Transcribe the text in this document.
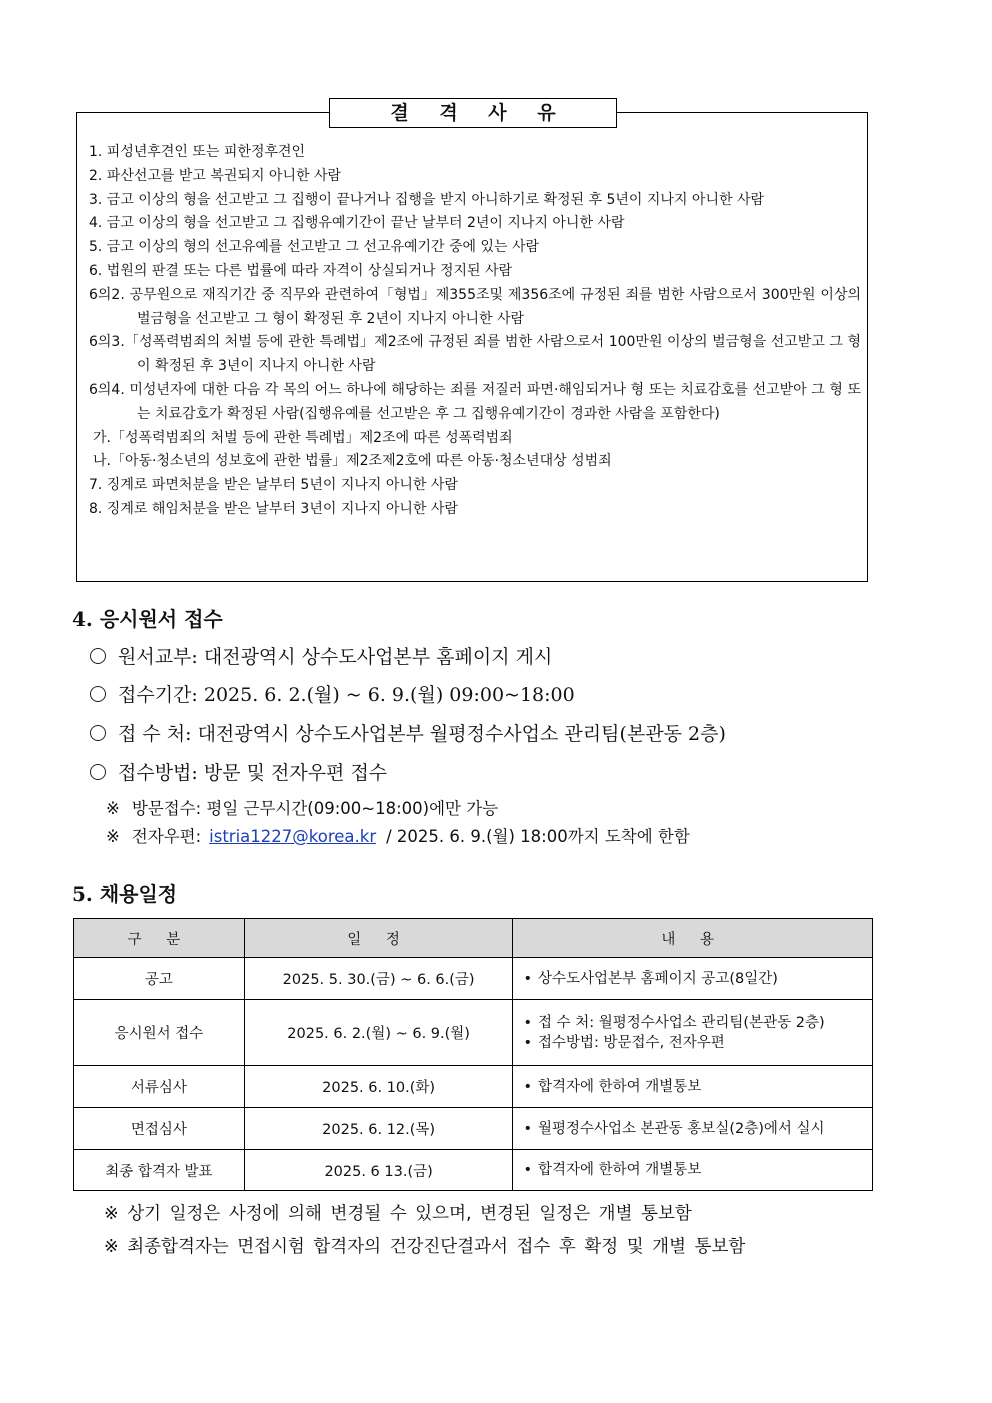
결 격 사 유
1. 피성년후견인 또는 피한정후견인
2. 파산선고를 받고 복권되지 아니한 사람
3. 금고 이상의 형을 선고받고 그 집행이 끝나거나 집행을 받지 아니하기로 확정된 후 5년이 지나지 아니한 사람
4. 금고 이상의 형을 선고받고 그 집행유예기간이 끝난 날부터 2년이 지나지 아니한 사람
5. 금고 이상의 형의 선고유예를 선고받고 그 선고유예기간 중에 있는 사람
6. 법원의 판결 또는 다른 법률에 따라 자격이 상실되거나 정지된 사람
6의2. 공무원으로 재직기간 중 직무와 관련하여「형법」제355조및 제356조에 규정된 죄를 범한 사람으로서 300만원 이상의 벌금형을 선고받고 그 형이 확정된 후 2년이 지나지 아니한 사람
6의3.「성폭력범죄의 처벌 등에 관한 특례법」제2조에 규정된 죄를 범한 사람으로서 100만원 이상의 벌금형을 선고받고 그 형이 확정된 후 3년이 지나지 아니한 사람
6의4. 미성년자에 대한 다음 각 목의 어느 하나에 해당하는 죄를 저질러 파면·해임되거나 형 또는 치료감호를 선고받아 그 형 또는 치료감호가 확정된 사람(집행유예를 선고받은 후 그 집행유예기간이 경과한 사람을 포함한다)
가.「성폭력범죄의 처벌 등에 관한 특례법」제2조에 따른 성폭력범죄
나.「아동·청소년의 성보호에 관한 법률」제2조제2호에 따른 아동·청소년대상 성범죄
7. 징계로 파면처분을 받은 날부터 5년이 지나지 아니한 사람
8. 징계로 해임처분을 받은 날부터 3년이 지나지 아니한 사람
4. 응시원서 접수
원서교부: 대전광역시 상수도사업본부 홈페이지 게시
접수기간: 2025. 6. 2.(월) ~ 6. 9.(월) 09:00~18:00
접 수 처: 대전광역시 상수도사업본부 월평정수사업소 관리팀(본관동 2층)
접수방법: 방문 및 전자우편 접수
※ 방문접수: 평일 근무시간(09:00~18:00)에만 가능
※ 전자우편: istria1227@korea.kr / 2025. 6. 9.(월) 18:00까지 도착에 한함
5. 채용일정
구 분	일 정	내 용
공고	2025. 5. 30.(금) ~ 6. 6.(금)	• 상수도사업본부 홈페이지 공고(8일간)

응시원서 접수	2025. 6. 2.(월) ~ 6. 9.(월)	• 접 수 처: 월평정수사업소 관리팀(본관동 2층)
• 접수방법: 방문접수, 전자우편

서류심사	2025. 6. 10.(화)	• 합격자에 한하여 개별통보

면접심사	2025. 6. 12.(목)	• 월평정수사업소 본관동 홍보실(2층)에서 실시

최종 합격자 발표	2025. 6 13.(금)	• 합격자에 한하여 개별통보
※ 상기 일정은 사정에 의해 변경될 수 있으며, 변경된 일정은 개별 통보함
※ 최종합격자는 면접시험 합격자의 건강진단결과서 접수 후 확정 및 개별 통보함
